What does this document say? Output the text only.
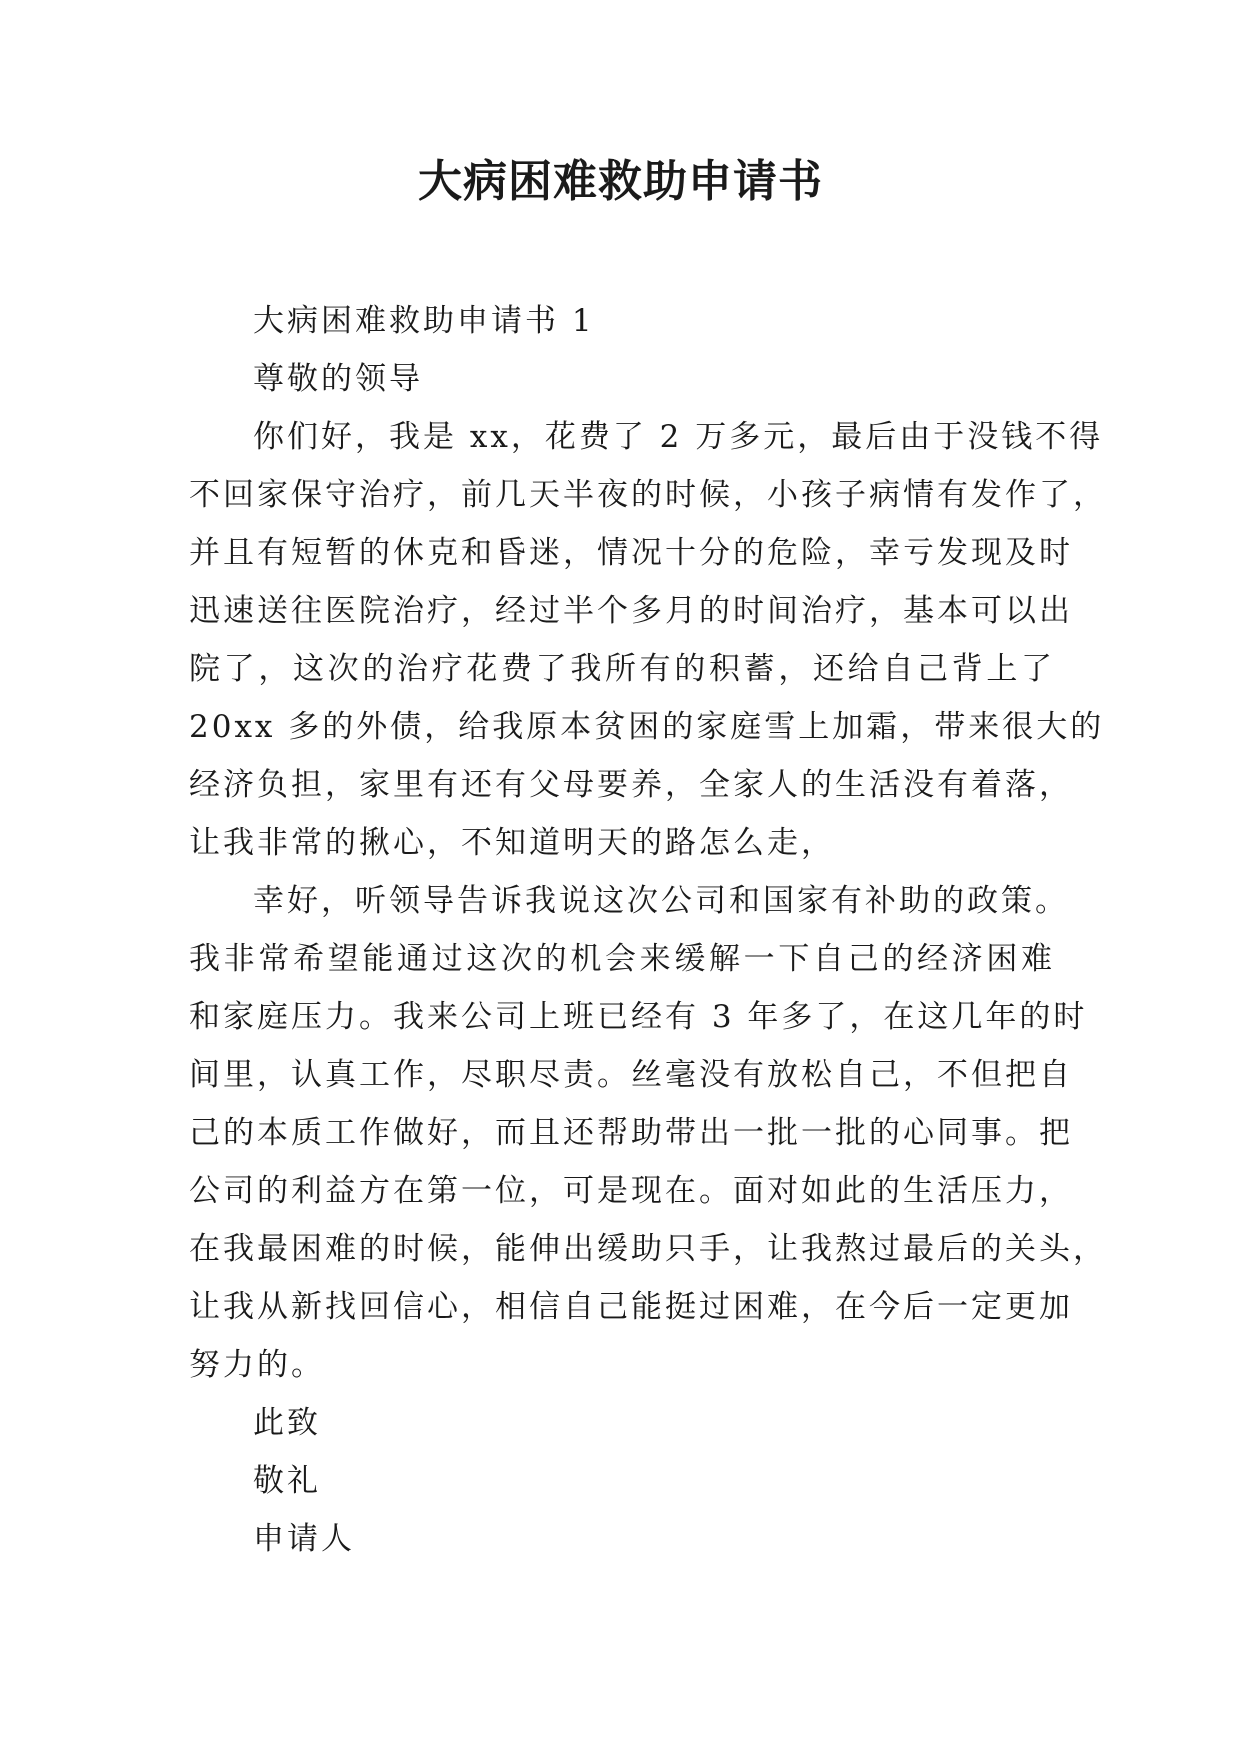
大病困难救助申请书

大病困难救助申请书 1

尊敬的领导

你们好，我是 xx，花费了 2 万多元，最后由于没钱不得

不回家保守治疗，前几天半夜的时候，小孩子病情有发作了，

并且有短暂的休克和昏迷，情况十分的危险，幸亏发现及时

迅速送往医院治疗，经过半个多月的时间治疗，基本可以出

院了，这次的治疗花费了我所有的积蓄，还给自己背上了

20xx 多的外债，给我原本贫困的家庭雪上加霜，带来很大的

经济负担，家里有还有父母要养，全家人的生活没有着落，

让我非常的揪心，不知道明天的路怎么走，

幸好，听领导告诉我说这次公司和国家有补助的政策。

我非常希望能通过这次的机会来缓解一下自己的经济困难

和家庭压力。我来公司上班已经有 3 年多了，在这几年的时

间里，认真工作，尽职尽责。丝毫没有放松自己，不但把自

己的本质工作做好，而且还帮助带出一批一批的心同事。把

公司的利益方在第一位，可是现在。面对如此的生活压力，

在我最困难的时候，能伸出缓助只手，让我熬过最后的关头，

让我从新找回信心，相信自己能挺过困难，在今后一定更加

努力的。

此致

敬礼

申请人
